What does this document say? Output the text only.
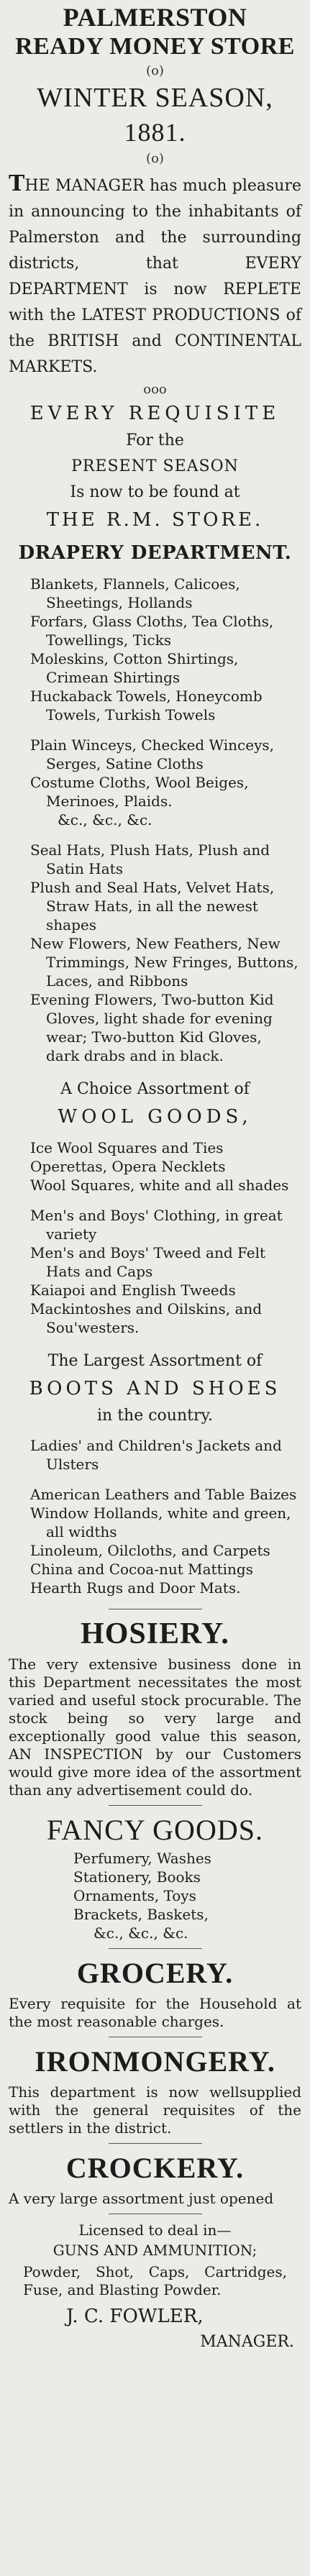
PALMERSTON
READY MONEY STORE
(o)
WINTER SEASON,
1881.
(o)
THE MANAGER has much pleasure in announcing to the inhabitants of Palmerston and the surrounding districts, that EVERY DEPARTMENT is now REPLETE with the LATEST PRODUCTIONS of the BRITISH and CONTINENTAL MARKETS.
ooo
EVERY REQUISITE
For the
PRESENT SEASON
Is now to be found at
THE R.M. STORE.
DRAPERY DEPARTMENT.
Blankets, Flannels, Calicoes, Sheetings, Hollands
Forfars, Glass Cloths, Tea Cloths, Towellings, Ticks
Moleskins, Cotton Shirtings, Crimean Shirtings
Huckaback Towels, Honeycomb Towels, Turkish Towels
Plain Winceys, Checked Winceys, Serges, Satine Cloths
Costume Cloths, Wool Beiges, Merinoes, Plaids.
&c., &c., &c.
Seal Hats, Plush Hats, Plush and Satin Hats
Plush and Seal Hats, Velvet Hats, Straw Hats, in all the newest shapes
New Flowers, New Feathers, New Trimmings, New Fringes, Buttons, Laces, and Ribbons
Evening Flowers, Two-button Kid Gloves, light shade for evening wear; Two-button Kid Gloves, dark drabs and in black.
A Choice Assortment of
WOOL GOODS,
Ice Wool Squares and Ties
Operettas, Opera Necklets
Wool Squares, white and all shades
Men's and Boys' Clothing, in great variety
Men's and Boys' Tweed and Felt Hats and Caps
Kaiapoi and English Tweeds
Mackintoshes and Oilskins, and Sou'westers.
The Largest Assortment of
BOOTS AND SHOES
in the country.
Ladies' and Children's Jackets and Ulsters
American Leathers and Table Baizes
Window Hollands, white and green, all widths
Linoleum, Oilcloths, and Carpets
China and Cocoa-nut Mattings
Hearth Rugs and Door Mats.
HOSIERY.
The very extensive business done in this Department necessitates the most varied and useful stock procurable. The stock being so very large and exceptionally good value this season, AN INSPECTION by our Customers would give more idea of the assortment than any advertisement could do.
FANCY GOODS.
Perfumery, Washes
Stationery, Books
Ornaments, Toys
Brackets, Baskets,
&c., &c., &c.
GROCERY.
Every requisite for the Household at the most reasonable charges.
IRONMONGERY.
This department is now wellsupplied with the general requisites of the settlers in the district.
CROCKERY.
A very large assortment just opened
Licensed to deal in—
GUNS AND AMMUNITION;
Powder, Shot, Caps, Cartridges, Fuse, and Blasting Powder.
J. C. FOWLER,
MANAGER.
